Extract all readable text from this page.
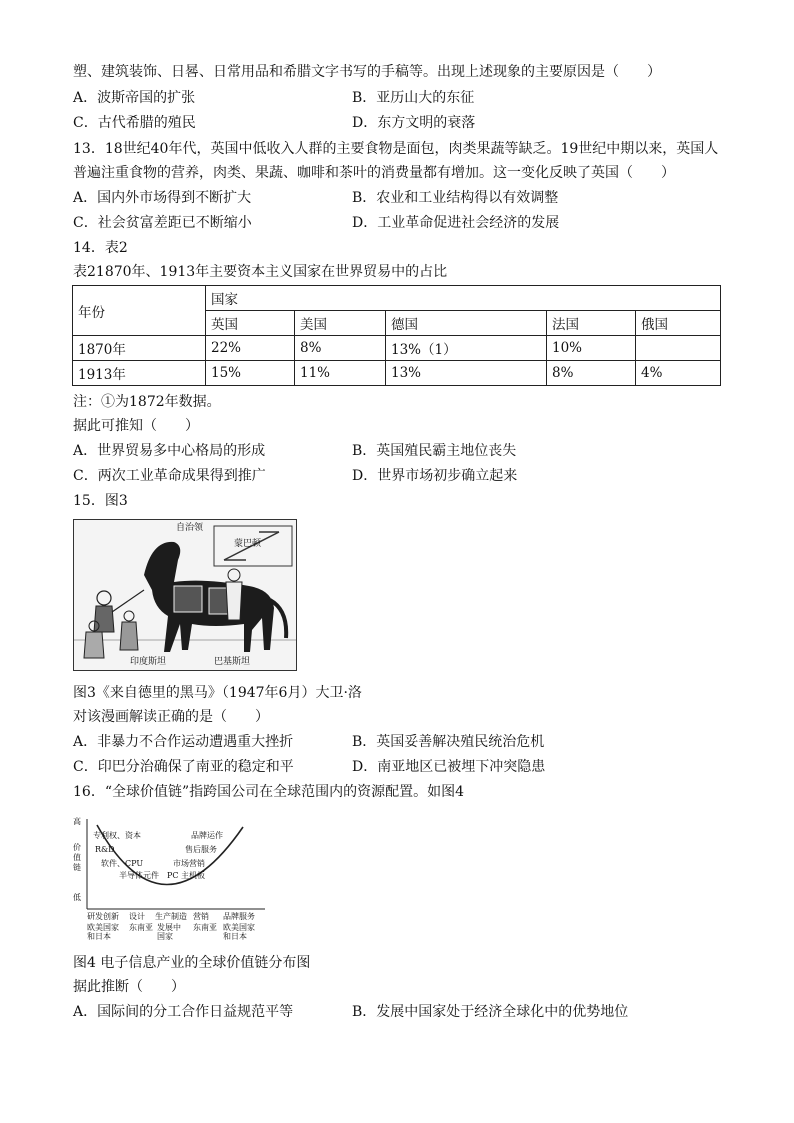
塑、建筑装饰、日晷、日常用品和希腊文字书写的手稿等。出现上述现象的主要原因是（　　）
A．波斯帝国的扩张	B．亚历山大的东征
C．古代希腊的殖民	D．东方文明的衰落
13．18世纪40年代，英国中低收入人群的主要食物是面包，肉类果蔬等缺乏。19世纪中期以来，英国人
普遍注重食物的营养，肉类、果蔬、咖啡和茶叶的消费量都有增加。这一变化反映了英国（　　）
A．国内外市场得到不断扩大	B．农业和工业结构得以有效调整
C．社会贫富差距已不断缩小	D．工业革命促进社会经济的发展
14．表2
表21870年、1913年主要资本主义国家在世界贸易中的占比
年份	国家				
	英国	美国	德国	法国	俄国
1870年	22%	8%	13%（1）	10%	
1913年	15%	11%	13%	8%	4%
注：①为1872年数据。
据此可推知（　　）
A．世界贸易多中心格局的形成	B．英国殖民霸主地位丧失
C．两次工业革命成果得到推广	D．世界市场初步确立起来
15．图3
自治领
蒙巴顿
印度斯坦	巴基斯坦
图3《来自德里的黑马》（1947年6月）大卫·洛
对该漫画解读正确的是（　　）
A．非暴力不合作运动遭遇重大挫折	B．英国妥善解决殖民统治危机
C．印巴分治确保了南亚的稳定和平	D．南亚地区已被埋下冲突隐患
16．“全球价值链”指跨国公司在全球范围内的资源配置。如图4
高
价值链
低
专利权、资本
R&D
软件、CPU
半导体元件
品牌运作
售后服务
市场营销
PC 主机板
研发创新 设计 生产制造 营销 品牌服务
欧美国家和日本
东南亚 发展中国家
东南亚 欧美国家和日本
图4 电子信息产业的全球价值链分布图
据此推断（　　）
A．国际间的分工合作日益规范平等	B．发展中国家处于经济全球化中的优势地位
